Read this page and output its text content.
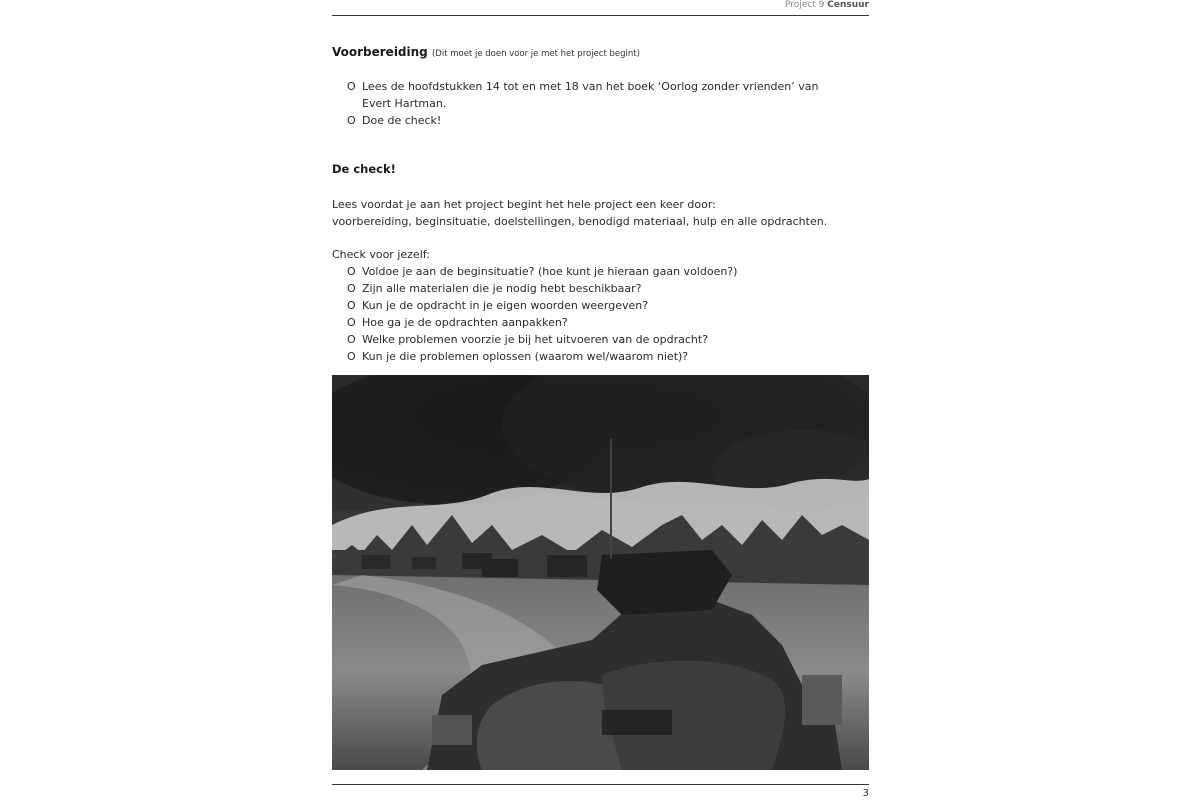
Project 9 Censuur
Voorbereiding (Dit moet je doen voor je met het project begint)
O Lees de hoofdstukken 14 tot en met 18 van het boek ‘Oorlog zonder vrienden’ van Evert Hartman.
O Doe de check!
De check!

Lees voordat je aan het project begint het hele project een keer door:
voorbereiding, beginsituatie, doelstellingen, benodigd materiaal, hulp en alle opdrachten.

Check voor jezelf:
O Voldoe je aan de beginsituatie? (hoe kunt je hieraan gaan voldoen?)
O Zijn alle materialen die je nodig hebt beschikbaar?
O Kun je de opdracht in je eigen woorden weergeven?
O Hoe ga je de opdrachten aanpakken?
O Welke problemen voorzie je bij het uitvoeren van de opdracht?
O Kun je die problemen oplossen (waarom wel/waarom niet)?
3
